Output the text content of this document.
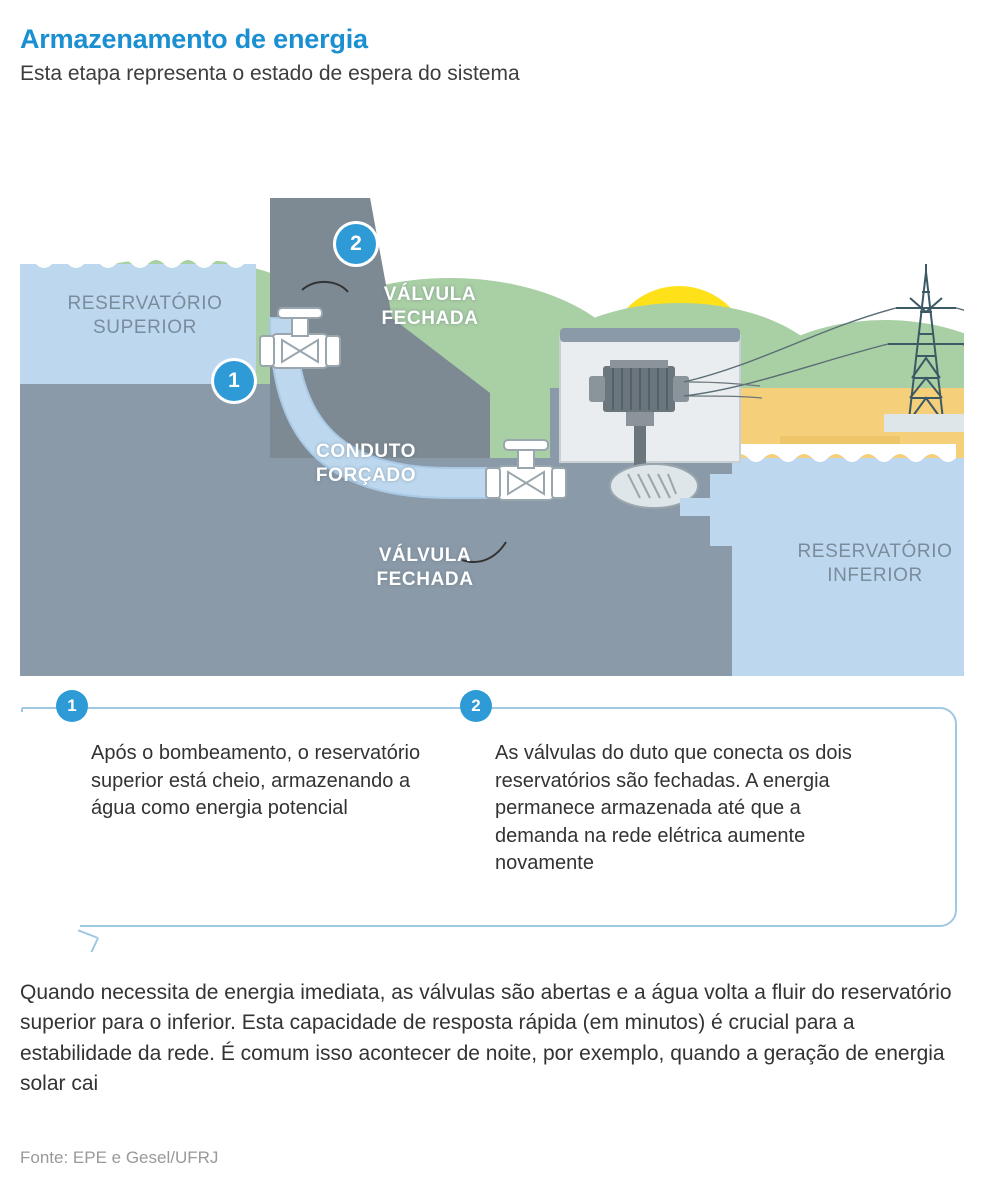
Armazenamento de energia
Esta etapa representa o estado de espera do sistema
RESERVATÓRIO
SUPERIOR
RESERVATÓRIO
INFERIOR
VÁLVULA
FECHADA
CONDUTO
FORÇADO
VÁLVULA
FECHADA
1
2
1
Após o bombeamento, o reservatório superior está cheio, armazenando a água como energia potencial
2
As válvulas do duto que conecta os dois reservatórios são fechadas. A energia permanece armazenada até que a demanda na rede elétrica aumente novamente
Quando necessita de energia imediata, as válvulas são abertas e a água volta a fluir do reservatório superior para o inferior. Esta capacidade de resposta rápida (em minutos) é crucial para a estabilidade da rede. É comum isso acontecer de noite, por exemplo, quando a geração de energia solar cai
Fonte: EPE e Gesel/UFRJ
